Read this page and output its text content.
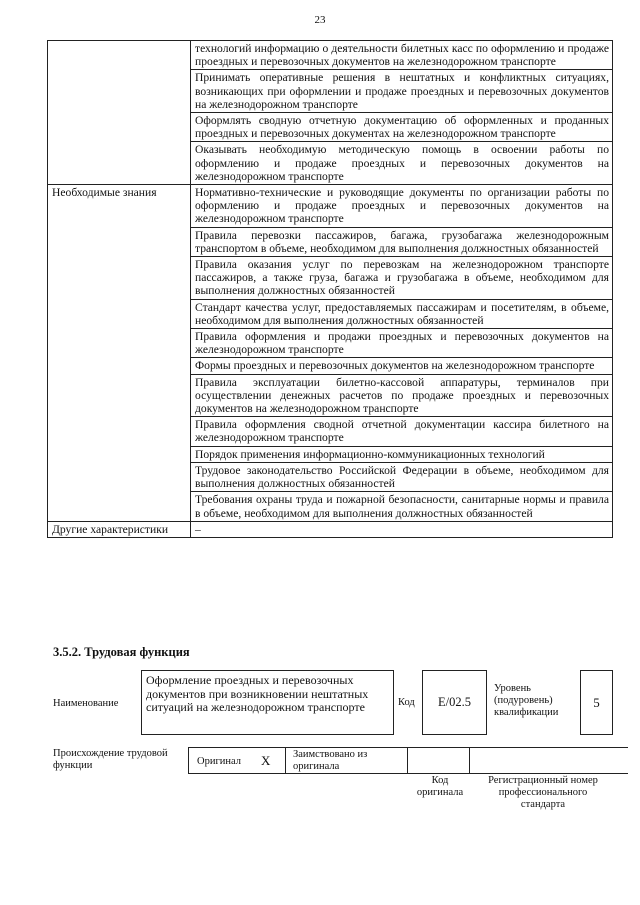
23
	технологий информацию о деятельности билетных касс по оформлению и продаже проездных и перевозочных документов на железнодорожном транспорте
	Принимать оперативные решения в нештатных и конфликтных ситуациях, возникающих при оформлении и продаже проездных и перевозочных документов на железнодорожном транспорте
	Оформлять сводную отчетную документацию об оформленных и проданных проездных и перевозочных документах на железнодорожном транспорте
	Оказывать необходимую методическую помощь в освоении работы по оформлению и продаже проездных и перевозочных документов на железнодорожном транспорте
Необходимые знания	Нормативно-технические и руководящие документы по организации работы по оформлению и продаже проездных и перевозочных документов на железнодорожном транспорте
	Правила перевозки пассажиров, багажа, грузобагажа железнодорожным транспортом в объеме, необходимом для выполнения должностных обязанностей
	Правила оказания услуг по перевозкам на железнодорожном транспорте пассажиров, а также груза, багажа и грузобагажа в объеме, необходимом для выполнения должностных обязанностей
	Стандарт качества услуг, предоставляемых пассажирам и посетителям, в объеме, необходимом для выполнения должностных обязанностей
	Правила оформления и продажи проездных и перевозочных документов на железнодорожном транспорте
	Формы проездных и перевозочных документов на железнодорожном транспорте
	Правила эксплуатации билетно-кассовой аппаратуры, терминалов при осуществлении денежных расчетов по продаже проездных и перевозочных документов на железнодорожном транспорте
	Правила оформления сводной отчетной документации кассира билетного на железнодорожном транспорте
	Порядок применения информационно-коммуникационных технологий
	Трудовое законодательство Российской Федерации в объеме, необходимом для выполнения должностных обязанностей
	Требования охраны труда и пожарной безопасности, санитарные нормы и правила в объеме, необходимом для выполнения должностных обязанностей
Другие характеристики	–
3.5.2. Трудовая функция
Наименование
Оформление проездных и перевозочных документов при возникновении нештатных ситуаций на железнодорожном транспорте	Код	E/02.5
Уровень (подуровень) квалификации
5
Происхождение трудовой функции	Оригинал X Заимствовано из оригинала
Код оригинала
Регистрационный номер профессионального стандарта
